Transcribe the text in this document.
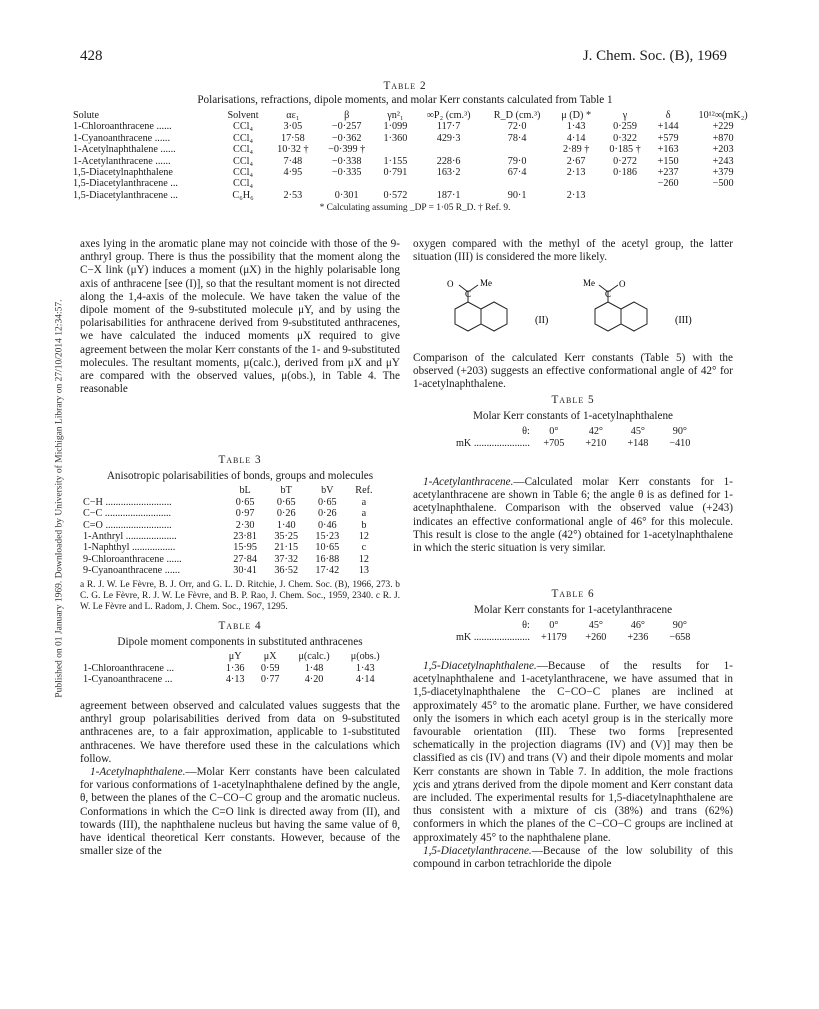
428	J. Chem. Soc. (B), 1969
Published on 01 January 1969. Downloaded by University of Michigan Library on 27/10/2014 12:34:57.
Table 2
Polarisations, refractions, dipole moments, and molar Kerr constants calculated from Table 1
Solute	Solvent	αε₁	β	γn²₁	∞P₂ (cm.³)	R_D (cm.³)	μ (D) *	γ	δ	10¹²∞(mK₂)
1-Chloroanthracene ......	CCl₄	3·05	−0·257	1·099	117·7	72·0	1·43	0·259	+144	+229
1-Cyanoanthracene ......	CCl₄	17·58	−0·362	1·360	429·3	78·4	4·14	0·322	+579	+870
1-Acetylnaphthalene ......	CCl₄	10·32 †	−0·399 †				2·89 †	0·185 †	+163	+203
1-Acetylanthracene ......	CCl₄	7·48	−0·338	1·155	228·6	79·0	2·67	0·272	+150	+243
1,5-Diacetylnaphthalene	CCl₄	4·95	−0·335	0·791	163·2	67·4	2·13	0·186	+237	+379
1,5-Diacetylanthracene ...	CCl₄								−260	−500
1,5-Diacetylanthracene ...	C₆H₆	2·53	0·301	0·572	187·1	90·1	2·13			
* Calculating assuming _DP = 1·05 R_D. † Ref. 9.

axes lying in the aromatic plane may not coincide with those of the 9-anthryl group. There is thus the possibility that the moment along the C−X link (μY) induces a moment (μX) in the highly polarisable long axis of anthracene [see (I)], so that the resultant moment is not directed along the 1,4-axis of the molecule. We have taken the value of the dipole moment of the 9-substituted molecule μY, and by using the polarisabilities for anthracene derived from 9-substituted anthracenes, we have calculated the induced moments μX required to give agreement between the molar Kerr constants of the 1- and 9-substituted molecules. The resultant moments, μ(calc.), derived from μX and μY are compared with the observed values, μ(obs.), in Table 4. The reasonable

Table 3
Anisotropic polarisabilities of bonds, groups and molecules
	bL	bT	bV	Ref.
C−H ..........................	0·65	0·65	0·65	a
C−C ..........................	0·97	0·26	0·26	a
C=O ..........................	2·30	1·40	0·46	b
1-Anthryl ....................	23·81	35·25	15·23	12
1-Naphthyl .................	15·95	21·15	10·65	c
9-Chloroanthracene ......	27·84	37·32	16·88	12
9-Cyanoanthracene ......	30·41	36·52	17·42	13
a R. J. W. Le Fèvre, B. J. Orr, and G. L. D. Ritchie, J. Chem. Soc. (B), 1966, 273. b C. G. Le Fèvre, R. J. W. Le Fèvre, and B. P. Rao, J. Chem. Soc., 1959, 2340. c R. J. W. Le Fèvre and L. Radom, J. Chem. Soc., 1967, 1295.
Table 4
Dipole moment components in substituted anthracenes
	μY	μX	μ(calc.)	μ(obs.)
1-Chloroanthracene ...	1·36	0·59	1·48	1·43
1-Cyanoanthracene ...	4·13	0·77	4·20	4·14

agreement between observed and calculated values suggests that the anthryl group polarisabilities derived from data on 9-substituted anthracenes are, to a fair approximation, applicable to 1-substituted anthracenes. We have therefore used these in the calculations which follow.

1-Acetylnaphthalene.—Molar Kerr constants have been calculated for various conformations of 1-acetylnaphthalene defined by the angle, θ, between the planes of the C−CO−C group and the aromatic nucleus. Conformations in which the C=O link is directed away from (II), and towards (III), the naphthalene nucleus but having the same value of θ, have identical theoretical Kerr constants. However, because of the smaller size of the

oxygen compared with the methyl of the acetyl group, the latter situation (III) is considered the more likely.

O
C
Me
(II)
Me
C
O
(III)

Comparison of the calculated Kerr constants (Table 5) with the observed (+203) suggests an effective conformational angle of 42° for 1-acetylnaphthalene.

Table 5
Molar Kerr constants of 1-acetylnaphthalene
θ:	0°	42°	45°	90°
mK ......................	+705	+210	+148	−410

1-Acetylanthracene.—Calculated molar Kerr constants for 1-acetylanthracene are shown in Table 6; the angle θ is as defined for 1-acetylnaphthalene. Comparison with the observed value (+243) indicates an effective conformational angle of 46° for this molecule. This result is close to the angle (42°) obtained for 1-acetylnaphthalene in which the steric situation is very similar.

Table 6
Molar Kerr constants for 1-acetylanthracene
θ:	0°	45°	46°	90°
mK ......................	+1179	+260	+236	−658

1,5-Diacetylnaphthalene.—Because of the results for 1-acetylnaphthalene and 1-acetylanthracene, we have assumed that in 1,5-diacetylnaphthalene the C−CO−C planes are inclined at approximately 45° to the aromatic plane. Further, we have considered only the isomers in which each acetyl group is in the sterically more favourable orientation (III). These two forms [represented schematically in the projection diagrams (IV) and (V)] may then be classified as cis (IV) and trans (V) and their dipole moments and molar Kerr constants are shown in Table 7. In addition, the mole fractions χcis and χtrans derived from the dipole moment and Kerr constant data are included. The experimental results for 1,5-diacetylnaphthalene are thus consistent with a mixture of cis (38%) and trans (62%) conformers in which the planes of the C−CO−C groups are inclined at approximately 45° to the naphthalene plane.

1,5-Diacetylanthracene.—Because of the low solubility of this compound in carbon tetrachloride the dipole
